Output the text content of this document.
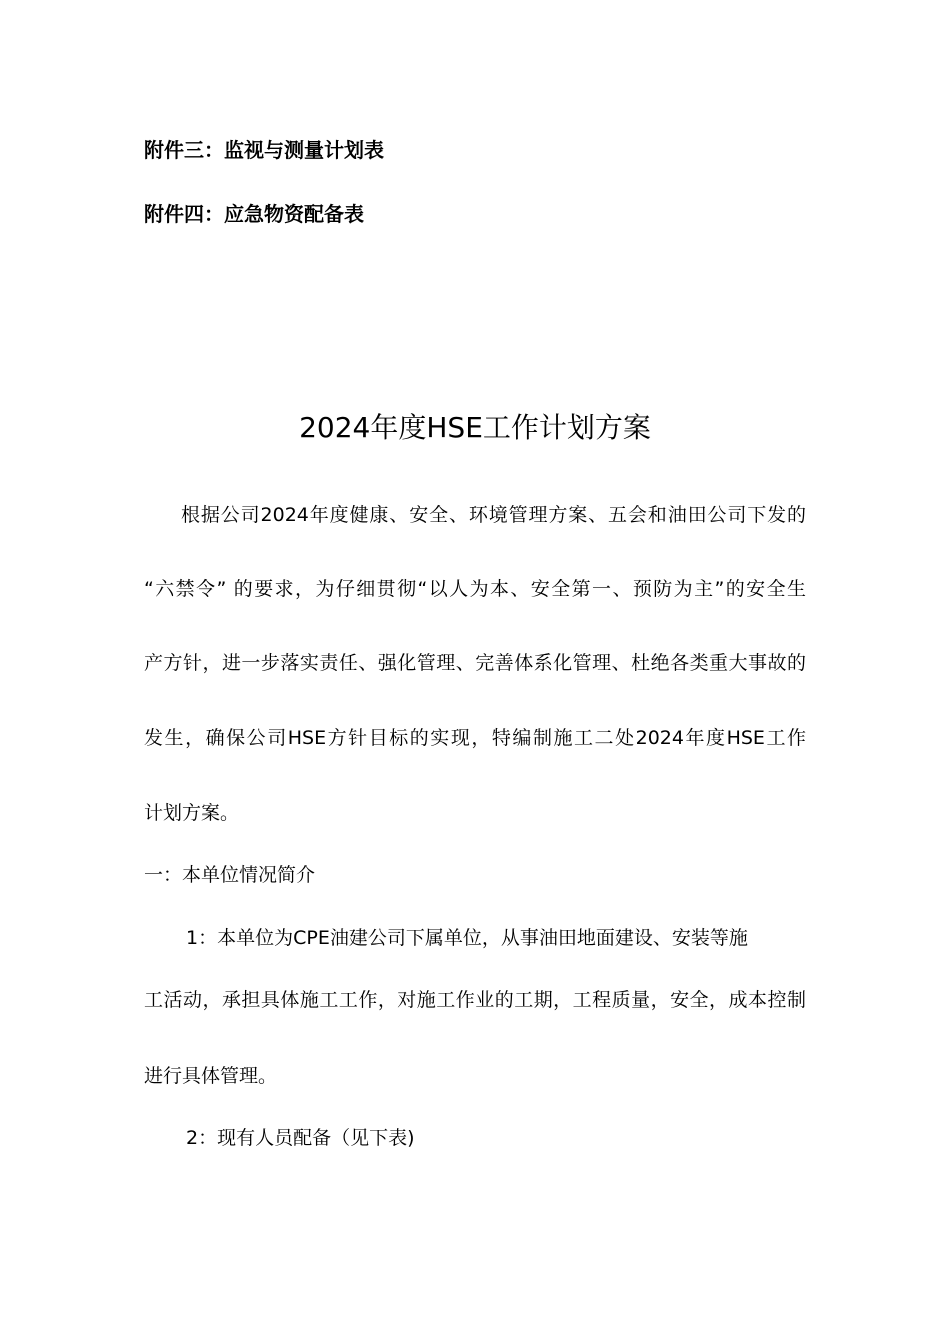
附件三：监视与测量计划表
附件四：应急物资配备表
2024年度HSE工作计划方案
根据公司2024年度健康、安全、环境管理方案、五会和油田公司下发的
“六禁令” 的要求，为仔细贯彻“以人为本、安全第一、预防为主”的安全生
产方针，进一步落实责任、强化管理、完善体系化管理、杜绝各类重大事故的
发生，确保公司HSE方针目标的实现，特编制施工二处2024年度HSE工作
计划方案。
一：本单位情况简介
1：本单位为CPE油建公司下属单位，从事油田地面建设、安装等施
工活动，承担具体施工工作，对施工作业的工期，工程质量，安全，成本控制
进行具体管理。
2：现有人员配备（见下表)
